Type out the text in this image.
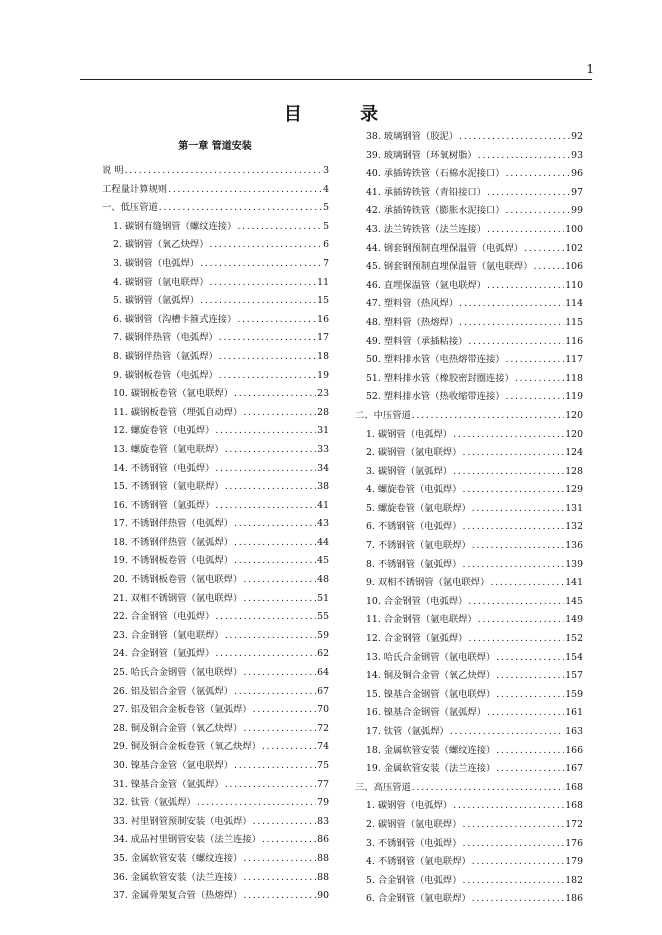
1
目 录
第一章 管道安装
说 明 . . .	3
工程量计算规则 . . .	4
一、低压管道 . . .	5
1. 碳钢有缝钢管（螺纹连接） . . .	5
2. 碳钢管（氧乙炔焊） . . .	6
3. 碳钢管（电弧焊） . . .	7
4. 碳钢管（氩电联焊） . . .	11
5. 碳钢管（氩弧焊） . . .	15
6. 碳钢管（沟槽卡箍式连接） . . .	16
7. 碳钢伴热管（电弧焊） . . .	17
8. 碳钢伴热管（氩弧焊） . . .	18
9. 碳钢板卷管（电弧焊） . . .	19
10. 碳钢板卷管（氩电联焊） . . .	23
11. 碳钢板卷管（埋弧自动焊） . . .	28
12. 螺旋卷管（电弧焊） . . .	31
13. 螺旋卷管（氩电联焊） . . .	33
14. 不锈钢管（电弧焊） . . .	34
15. 不锈钢管（氩电联焊） . . .	38
16. 不锈钢管（氩弧焊） . . .	41
17. 不锈钢伴热管（电弧焊） . . .	43
18. 不锈钢伴热管（氩弧焊） . . .	44
19. 不锈钢板卷管（电弧焊） . . .	45
20. 不锈钢板卷管（氩电联焊） . . .	48
21. 双相不锈钢管（氩电联焊） . . .	51
22. 合金钢管（电弧焊） . . .	55
23. 合金钢管（氩电联焊） . . .	59
24. 合金钢管（氩弧焊） . . .	62
25. 哈氏合金钢管（氩电联焊） . . .	64
26. 铝及铝合金管（氩弧焊） . . .	67
27. 铝及铝合金板卷管（氩弧焊） . . .	70
28. 铜及铜合金管（氧乙炔焊） . . .	72
29. 铜及铜合金板卷管（氧乙炔焊） . . .	74
30. 镍基合金管（氩电联焊） . . .	75
31. 镍基合金管（氩弧焊） . . .	77
32. 钛管（氩弧焊） . . .	79
33. 衬里钢管预制安装（电弧焊） . . .	83
34. 成品衬里钢管安装（法兰连接） . . .	86
35. 金属软管安装（螺纹连接） . . .	88
36. 金属软管安装（法兰连接） . . .	88
37. 金属骨架复合管（热熔焊） . . .	90
38. 玻璃钢管（胶泥） . . .	92
39. 玻璃钢管（环氧树脂） . . .	93
40. 承插铸铁管（石棉水泥接口） . . .	96
41. 承插铸铁管（青铅接口） . . .	97
42. 承插铸铁管（膨胀水泥接口） . . .	99
43. 法兰铸铁管（法兰连接） . . .	100
44. 钢套钢预制直埋保温管（电弧焊） . . .	102
45. 钢套钢预制直埋保温管（氩电联焊） . . .	106
46. 直埋保温管（氩电联焊） . . .	110
47. 塑料管（热风焊） . . .	114
48. 塑料管（热熔焊） . . .	115
49. 塑料管（承插粘接） . . .	116
50. 塑料排水管（电热熔带连接） . . .	117
51. 塑料排水管（橡胶密封圈连接） . . .	118
52. 塑料排水管（热收缩带连接） . . .	119
二、中压管道 . . .	120
1. 碳钢管（电弧焊） . . .	120
2. 碳钢管（氩电联焊） . . .	124
3. 碳钢管（氩弧焊） . . .	128
4. 螺旋卷管（电弧焊） . . .	129
5. 螺旋卷管（氩电联焊） . . .	131
6. 不锈钢管（电弧焊） . . .	132
7. 不锈钢管（氩电联焊） . . .	136
8. 不锈钢管（氩弧焊） . . .	139
9. 双相不锈钢管（氩电联焊） . . .	141
10. 合金钢管（电弧焊） . . .	145
11. 合金钢管（氩电联焊） . . .	149
12. 合金钢管（氩弧焊） . . .	152
13. 哈氏合金钢管（氩电联焊） . . .	154
14. 铜及铜合金管（氧乙炔焊） . . .	157
15. 镍基合金钢管（氩电联焊） . . .	159
16. 镍基合金钢管（氩弧焊） . . .	161
17. 钛管（氩弧焊） . . .	163
18. 金属软管安装（螺纹连接） . . .	166
19. 金属软管安装（法兰连接） . . .	167
三、高压管道 . . .	168
1. 碳钢管（电弧焊） . . .	168
2. 碳钢管（氩电联焊） . . .	172
3. 不锈钢管（电弧焊） . . .	176
4. 不锈钢管（氩电联焊） . . .	179
5. 合金钢管（电弧焊） . . .	182
6. 合金钢管（氩电联焊） . . .	186
